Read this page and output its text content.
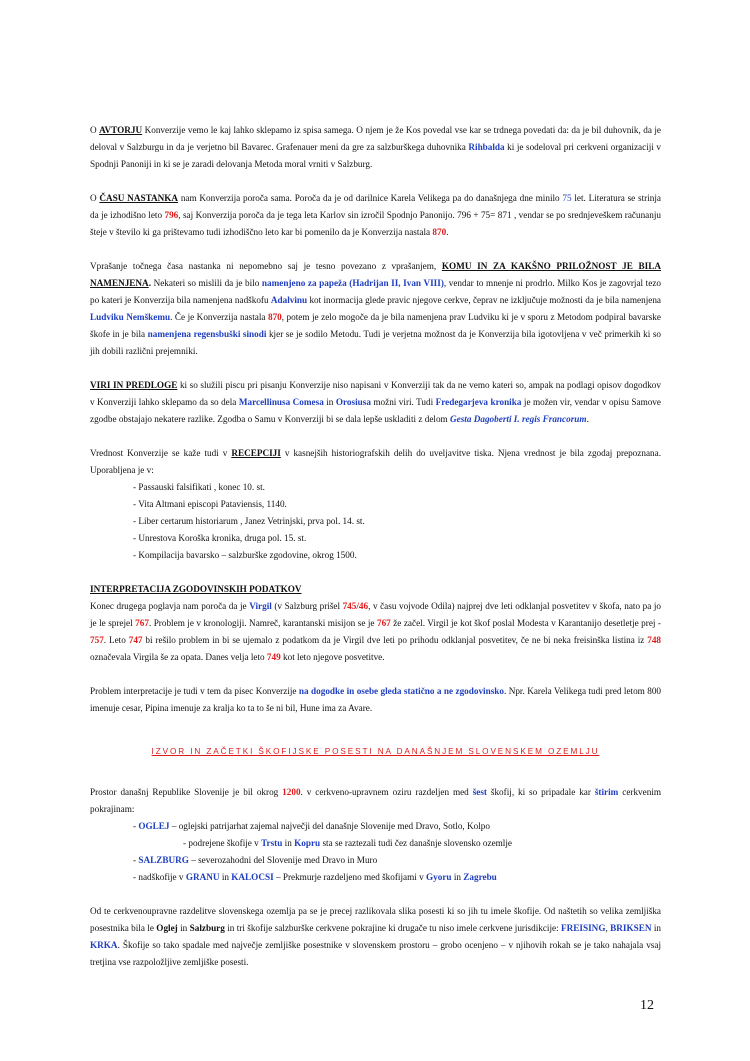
O AVTORJU Konverzije vemo le kaj lahko sklepamo iz spisa samega. O njem je že Kos povedal vse kar se trdnega povedati da: da je bil duhovnik, da je deloval v Salzburgu in da je verjetno bil Bavarec. Grafenauer meni da gre za salzburškega duhovnika Rihbalda ki je sodeloval pri cerkveni organizaciji v Spodnji Panoniji in ki se je zaradi delovanja Metoda moral vrniti v Salzburg.

O ČASU NASTANKA nam Konverzija poroča sama. Poroča da je od darilnice Karela Velikega pa do današnjega dne minilo 75 let. Literatura se strinja da je izhodišno leto 796, saj Konverzija poroča da je tega leta Karlov sin izročil Spodnjo Panonijo. 796 + 75= 871 , vendar se po srednjeveškem računanju šteje v število ki ga prištevamo tudi izhodiščno leto kar bi pomenilo da je Konverzija nastala 870.

Vprašanje točnega časa nastanka ni nepomebno saj je tesno povezano z vprašanjem, KOMU IN ZA KAKŠNO PRILOŽNOST JE BILA NAMENJENA. Nekateri so mislili da je bilo namenjeno za papeža (Hadrijan II, Ivan VIII), vendar to mnenje ni prodrlo. Milko Kos je zagovrjal tezo po kateri je Konverzija bila namenjena nadškofu Adalvinu kot inormacija glede pravic njegove cerkve, čeprav ne izključuje možnosti da je bila namenjena Ludviku Nemškemu. Če je Konverzija nastala 870, potem je zelo mogoče da je bila namenjena prav Ludviku ki je v sporu z Metodom podpiral bavarske škofe in je bila namenjena regensbuški sinodi kjer se je sodilo Metodu. Tudi je verjetna možnost da je Konverzija bila igotovljena v več primerkih ki so jih dobili različni prejemniki.

VIRI IN PREDLOGE ki so služili piscu pri pisanju Konverzije niso napisani v Konverziji tak da ne vemo kateri so, ampak na podlagi opisov dogodkov v Konverziji lahko sklepamo da so dela Marcellinusa Comesa in Orosiusa možni viri. Tudi Fredegarjeva kronika je možen vir, vendar v opisu Samove zgodbe obstajajo nekatere razlike. Zgodba o Samu v Konverziji bi se dala lepše uskladiti z delom Gesta Dagoberti I. regis Francorum.

Vrednost Konverzije se kaže tudi v RECEPCIJI v kasnejših historiografskih delih do uveljavitve tiska. Njena vrednost je bila zgodaj prepoznana. Uporabljena je v:

- Passauski falsifikati , konec 10. st.
- Vita Altmani episcopi Pataviensis, 1140.
- Liber certarum historiarum , Janez Vetrinjski, prva pol. 14. st.
- Unrestova Koroška kronika, druga pol. 15. st.
- Kompilacija bavarsko – salzburške zgodovine, okrog 1500.

INTERPRETACIJA ZGODOVINSKIH PODATKOV
Konec drugega poglavja nam poroča da je Virgil (v Salzburg prišel 745/46, v času vojvode Odila) najprej dve leti odklanjal posvetitev v škofa, nato pa jo je le sprejel 767. Problem je v kronologiji. Namreč, karantanski misijon se je 767 že začel. Virgil je kot škof poslal Modesta v Karantanijo desetletje prej - 757. Leto 747 bi rešilo problem in bi se ujemalo z podatkom da je Virgil dve leti po prihodu odklanjal posvetitev, če ne bi neka freisinška listina iz 748 označevala Virgila še za opata. Danes velja leto 749 kot leto njegove posvetitve.

Problem interpretacije je tudi v tem da pisec Konverzije na dogodke in osebe gleda statično a ne zgodovinsko. Npr. Karela Velikega tudi pred letom 800 imenuje cesar, Pipina imenuje za kralja ko ta to še ni bil, Hune ima za Avare.

IZVOR IN ZAČETKI ŠKOFIJSKE POSESTI NA DANAŠNJEM SLOVENSKEM OZEMLJU

Prostor današnj Republike Slovenije je bil okrog 1200. v cerkveno-upravnem oziru razdeljen med šest škofij, ki so pripadale kar štirim cerkvenim pokrajinam:

- OGLEJ – oglejski patrijarhat zajemal največji del današnje Slovenije med Dravo, Sotlo, Kolpo
- podrejene škofije v Trstu in Kopru sta se raztezali tudi čez današnje slovensko ozemlje
- SALZBURG – severozahodni del Slovenije med Dravo in Muro
- nadškofije v GRANU in KALOCSI – Prekmurje razdeljeno med škofijami v Gyoru in Zagrebu

Od te cerkvenoupravne razdelitve slovenskega ozemlja pa se je precej razlikovala slika posesti ki so jih tu imele škofije. Od naštetih so velika zemljiška posestnika bila le Oglej in Salzburg in tri škofije salzburške cerkvene pokrajine ki drugače tu niso imele cerkvene jurisdikcije: FREISING, BRIKSEN in KRKA. Škofije so tako spadale med največje zemljiške posestnike v slovenskem prostoru – grobo ocenjeno – v njihovih rokah se je tako nahajala vsaj tretjina vse razpoložljive zemljiške posesti.

12
